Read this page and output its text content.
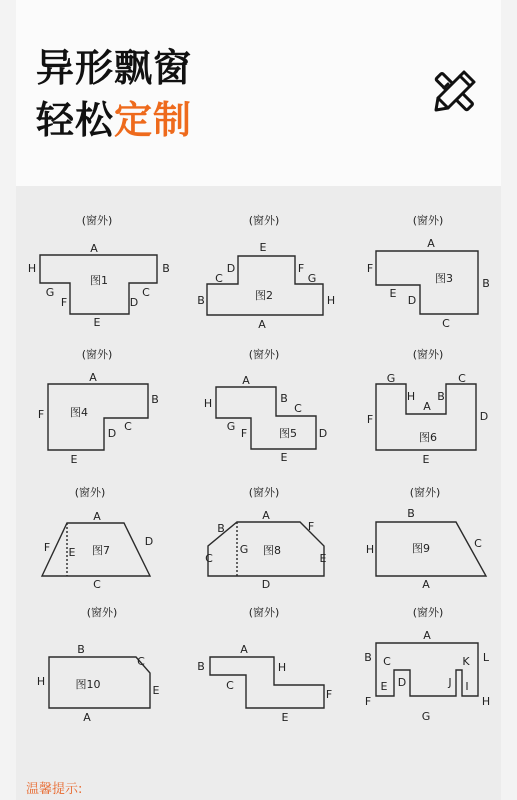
异形飘窗
轻松定制
(窗外)	(窗外)	(窗外)
(窗外)	(窗外)	(窗外)
(窗外)	(窗外)	(窗外)
(窗外)	(窗外)	(窗外)
图1
图2
图3
图4
图5	图6
图7	图8	图9
图10
A
B
C
D
E
F
G
H
E
D
C
B
F
G
H
A
A
B
C
D
E
F
A
B
C
D
E
F
A
H	B
C
G
F	D
E
G
H
A
B
C
D
E
F
A
D
E
F
C
B
A
F
G
C	E
D
B
C
H
A
B
C
H
E
A
A
B	H
C
F
E
A
B C	K L
D
E	J I
F	H
G
温馨提示:
